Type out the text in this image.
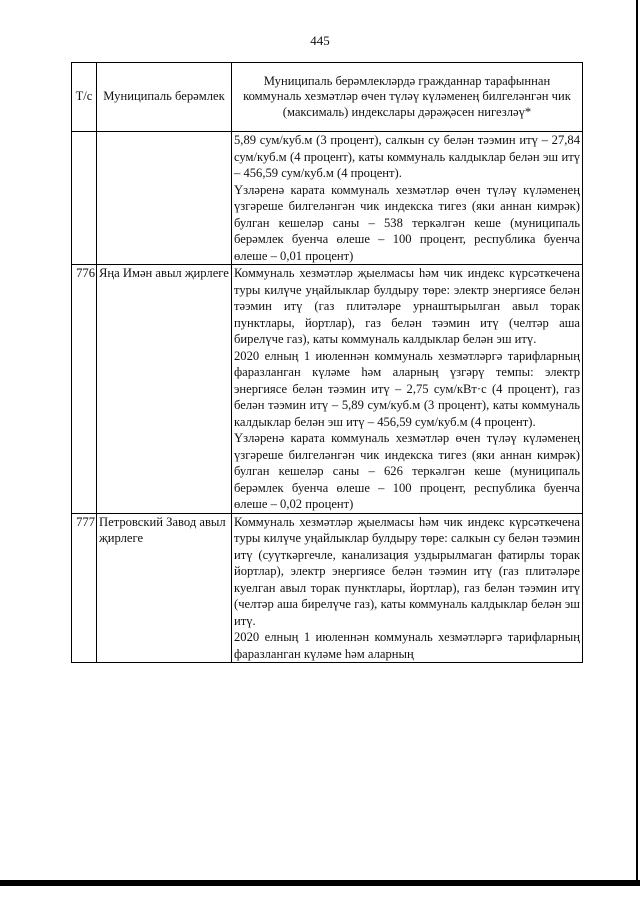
445
Т/с	Муниципаль берәмлек	Муниципаль берәмлекләрдә гражданнар тарафыннан коммуналь хезмәтләр өчен түләү күләменең билгеләнгән чик (максималь) индекслары дәрәҗәсен нигезләү*

		5,89 сум/куб.м (3 процент), салкын су белән тәэмин итү – 27,84 сум/куб.м (4 процент), каты коммуналь калдыклар белән эш итү – 456,59 сум/куб.м (4 процент).
Үзләренә карата коммуналь хезмәтләр өчен түләү күләменең үзгәреше билгеләнгән чик индекска тигез (яки аннан кимрәк) булган кешеләр саны – 538 теркәлгән кеше (муниципаль берәмлек буенча өлеше – 100 процент, республика буенча өлеше – 0,01 процент)

776	Яңа Имән авыл җирлеге	Коммуналь хезмәтләр җыелмасы һәм чик индекс күрсәткечена туры килүче уңайлыклар булдыру төре: электр энергиясе белән тәэмин итү (газ плитәләре урнаштырылган авыл торак пунктлары, йортлар), газ белән тәэмин итү (челтәр аша бирелүче газ), каты коммуналь калдыклар белән эш итү.
2020 елның 1 июленнән коммуналь хезмәтләргә тарифларның фаразланган күләме һәм аларның үзгәрү темпы: электр энергиясе белән тәэмин итү – 2,75 сум/кВт·с (4 процент), газ белән тәэмин итү – 5,89 сум/куб.м (3 процент), каты коммуналь калдыклар белән эш итү – 456,59 сум/куб.м (4 процент).
Үзләренә карата коммуналь хезмәтләр өчен түләү күләменең үзгәреше билгеләнгән чик индекска тигез (яки аннан кимрәк) булган кешеләр саны – 626 теркәлгән кеше (муниципаль берәмлек буенча өлеше – 100 процент, республика буенча өлеше – 0,02 процент)

777	Петровский Завод авыл җирлеге	Коммуналь хезмәтләр җыелмасы һәм чик индекс күрсәткечена туры килүче уңайлыклар булдыру төре: салкын су белән тәэмин итү (суүткәргечле, канализация уздырылмаган фатирлы торак йортлар), электр энергиясе белән тәэмин итү (газ плитәләре куелган авыл торак пунктлары, йортлар), газ белән тәэмин итү (челтәр аша бирелүче газ), каты коммуналь калдыклар белән эш итү.
2020 елның 1 июленнән коммуналь хезмәтләргә тарифларның фаразланган күләме һәм аларның
